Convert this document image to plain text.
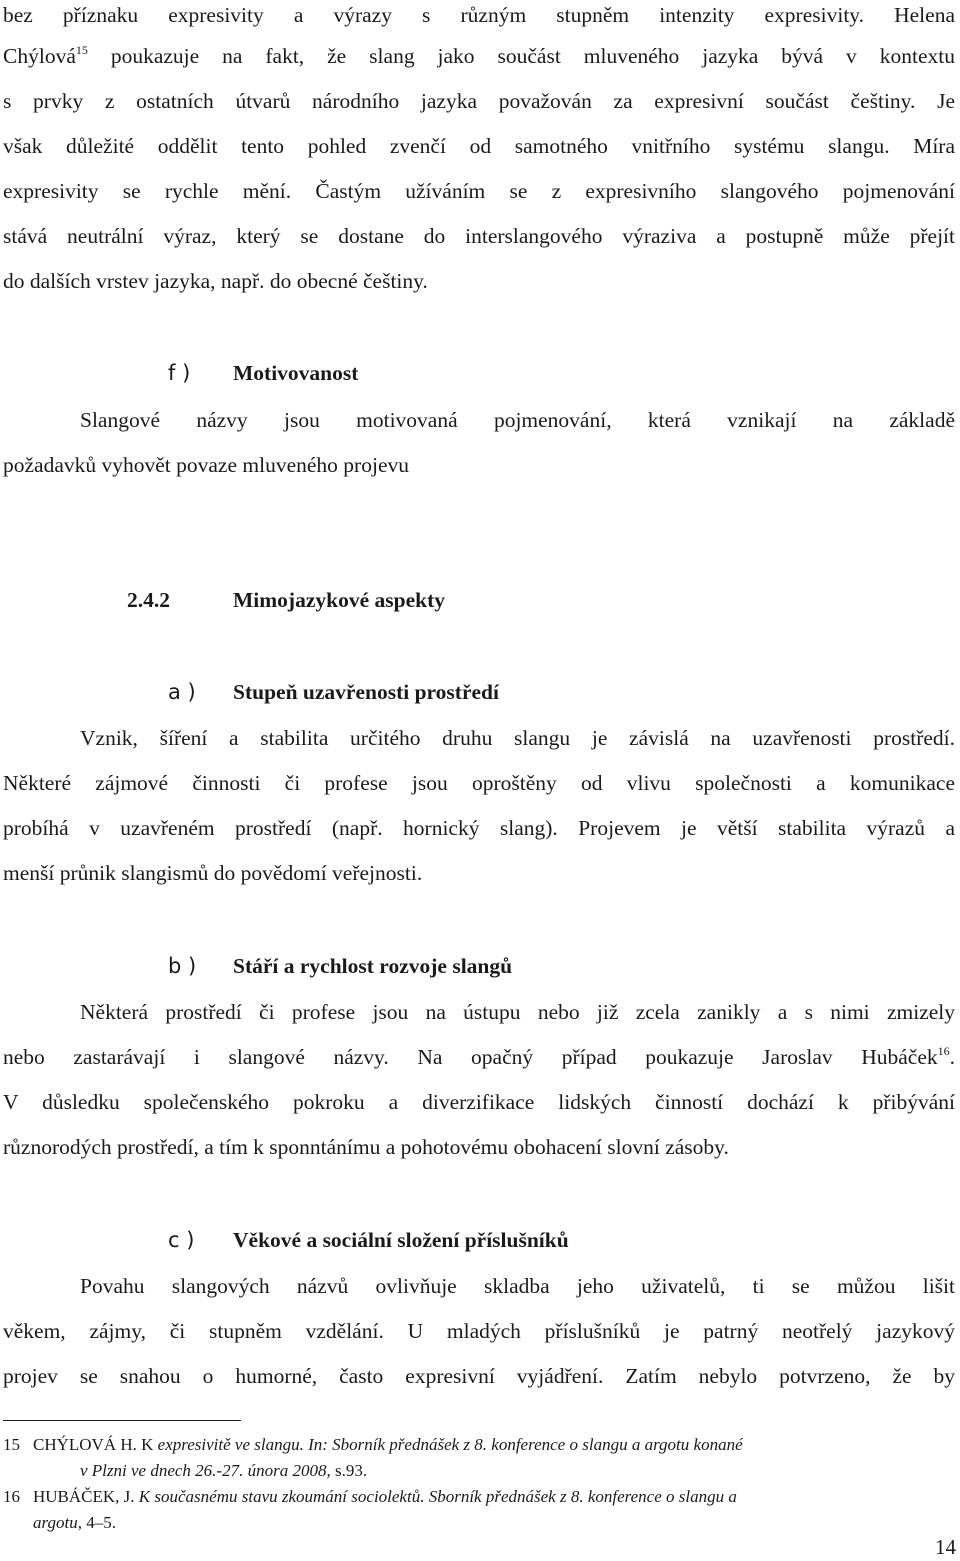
bez příznaku expresivity a výrazy s různým stupněm intenzity expresivity. Helena
Chýlová$^{15}$ poukazuje na fakt, že slang jako součást mluveného jazyka bývá v kontextu
s prvky z ostatních útvarů národního jazyka považován za expresivní součást češtiny. Je
však důležité oddělit tento pohled zvenčí od samotného vnitřního systému slangu. Míra
expresivity se rychle mění. Častým užíváním se z expresivního slangového pojmenování
stává neutrální výraz, který se dostane do interslangového výraziva a postupně může přejít
do dalších vrstev jazyka, např. do obecné češtiny.
f ) Motivovanost
Slangové názvy jsou motivovaná pojmenování, která vznikají na základě
požadavků vyhovět povaze mluveného projevu
2.4.2	Mimojazykové aspekty
a ) Stupeň uzavřenosti prostředí
Vznik, šíření a stabilita určitého druhu slangu je závislá na uzavřenosti prostředí.
Některé zájmové činnosti či profese jsou oproštěny od vlivu společnosti a komunikace
probíhá v uzavřeném prostředí (např. hornický slang). Projevem je větší stabilita výrazů a
menší průnik slangismů do povědomí veřejnosti.
b ) Stáří a rychlost rozvoje slangů
Některá prostředí či profese jsou na ústupu nebo již zcela zanikly a s nimi zmizely
nebo zastarávají i slangové názvy. Na opačný případ poukazuje Jaroslav Hubáček$^{16}$.
V důsledku společenského pokroku a diverzifikace lidských činností dochází k přibývání
různorodých prostředí, a tím k sponntánímu a pohotovému obohacení slovní zásoby.
c ) Věkové a sociální složení příslušníků
Povahu slangových názvů ovlivňuje skladba jeho uživatelů, ti se můžou lišit
věkem, zájmy, či stupněm vzdělání. U mladých příslušníků je patrný neotřelý jazykový
projev se snahou o humorné, často expresivní vyjádření. Zatím nebylo potvrzeno, že by
15 CHÝLOVÁ H. K expresivitě ve slangu. In: Sborník přednášek z 8. konference o slangu a argotu konané
v Plzni ve dnech 26.-27. února 2008, s.93.
16 HUBÁČEK, J. K současnému stavu zkoumání sociolektů. Sborník přednášek z 8. konference o slangu a
argotu, 4–5.
14
